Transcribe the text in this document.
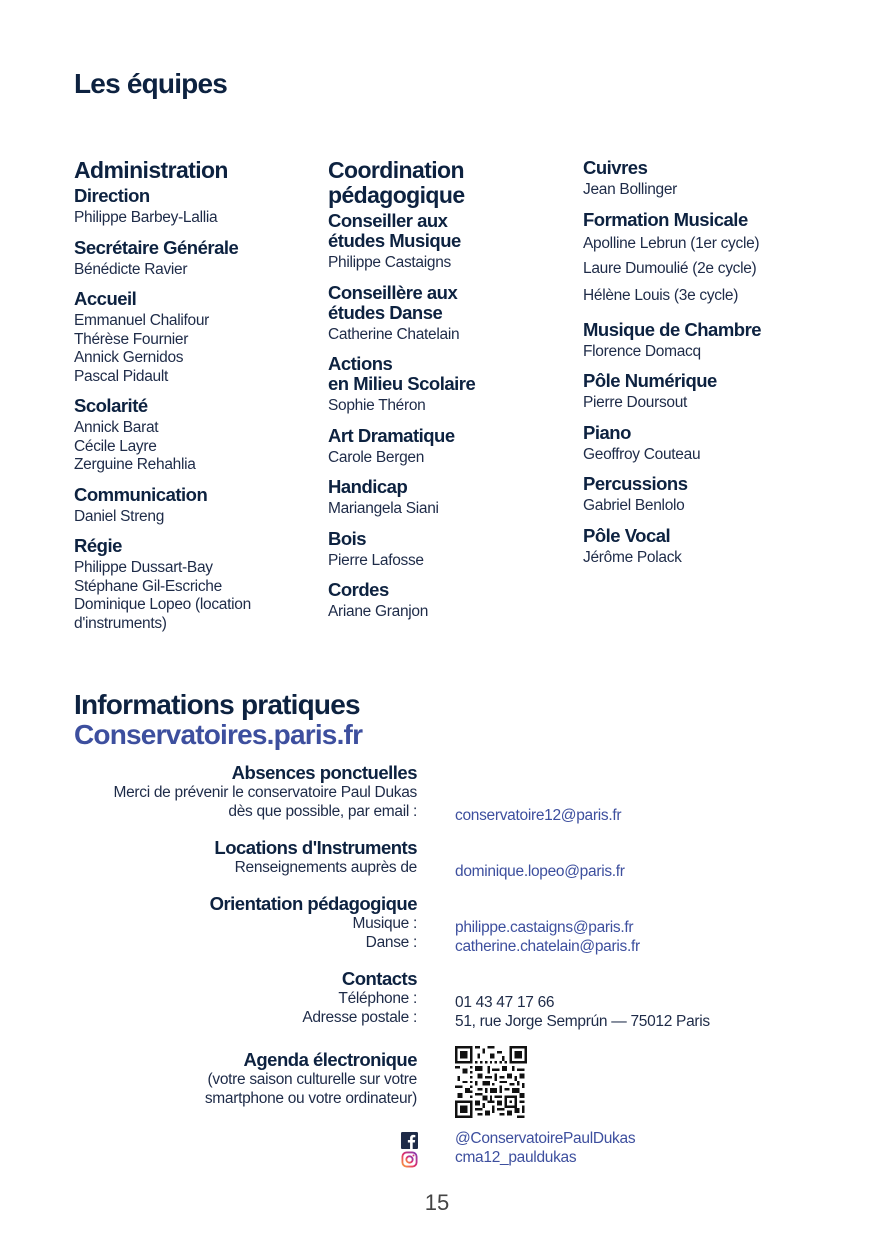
Les équipes
Administration
Direction
Philippe Barbey-Lallia
Secrétaire Générale
Bénédicte Ravier
Accueil
Emmanuel Chalifour
Thérèse Fournier
Annick Gernidos
Pascal Pidault
Scolarité
Annick Barat
Cécile Layre
Zerguine Rehahlia
Communication
Daniel Streng
Régie
Philippe Dussart-Bay
Stéphane Gil-Escriche
Dominique Lopeo (location
d'instruments)
Coordination
pédagogique
Conseiller aux
études Musique
Philippe Castaigns
Conseillère aux
études Danse
Catherine Chatelain
Actions
en Milieu Scolaire
Sophie Théron
Art Dramatique
Carole Bergen
Handicap
Mariangela Siani
Bois
Pierre Lafosse
Cordes
Ariane Granjon
Cuivres
Jean Bollinger
Formation Musicale
Apolline Lebrun (1er cycle)
Laure Dumoulié (2e cycle)
Hélène Louis (3e cycle)
Musique de Chambre
Florence Domacq
Pôle Numérique
Pierre Doursout
Piano
Geoffroy Couteau
Percussions
Gabriel Benlolo
Pôle Vocal
Jérôme Polack
Informations pratiques
Conservatoires.paris.fr
Absences ponctuelles
Merci de prévenir le conservatoire Paul Dukas
dès que possible, par email : conservatoire12@paris.fr
Locations d'Instruments
Renseignements auprès de dominique.lopeo@paris.fr
Orientation pédagogique
Musique :
Danse :
philippe.castaigns@paris.fr
catherine.chatelain@paris.fr
Contacts
Téléphone :
Adresse postale :
01 43 47 17 66
51, rue Jorge Semprún — 75012 Paris
Agenda électronique
(votre saison culturelle sur votre
smartphone ou votre ordinateur)
@ConservatoirePaulDukas
cma12_pauldukas

15
